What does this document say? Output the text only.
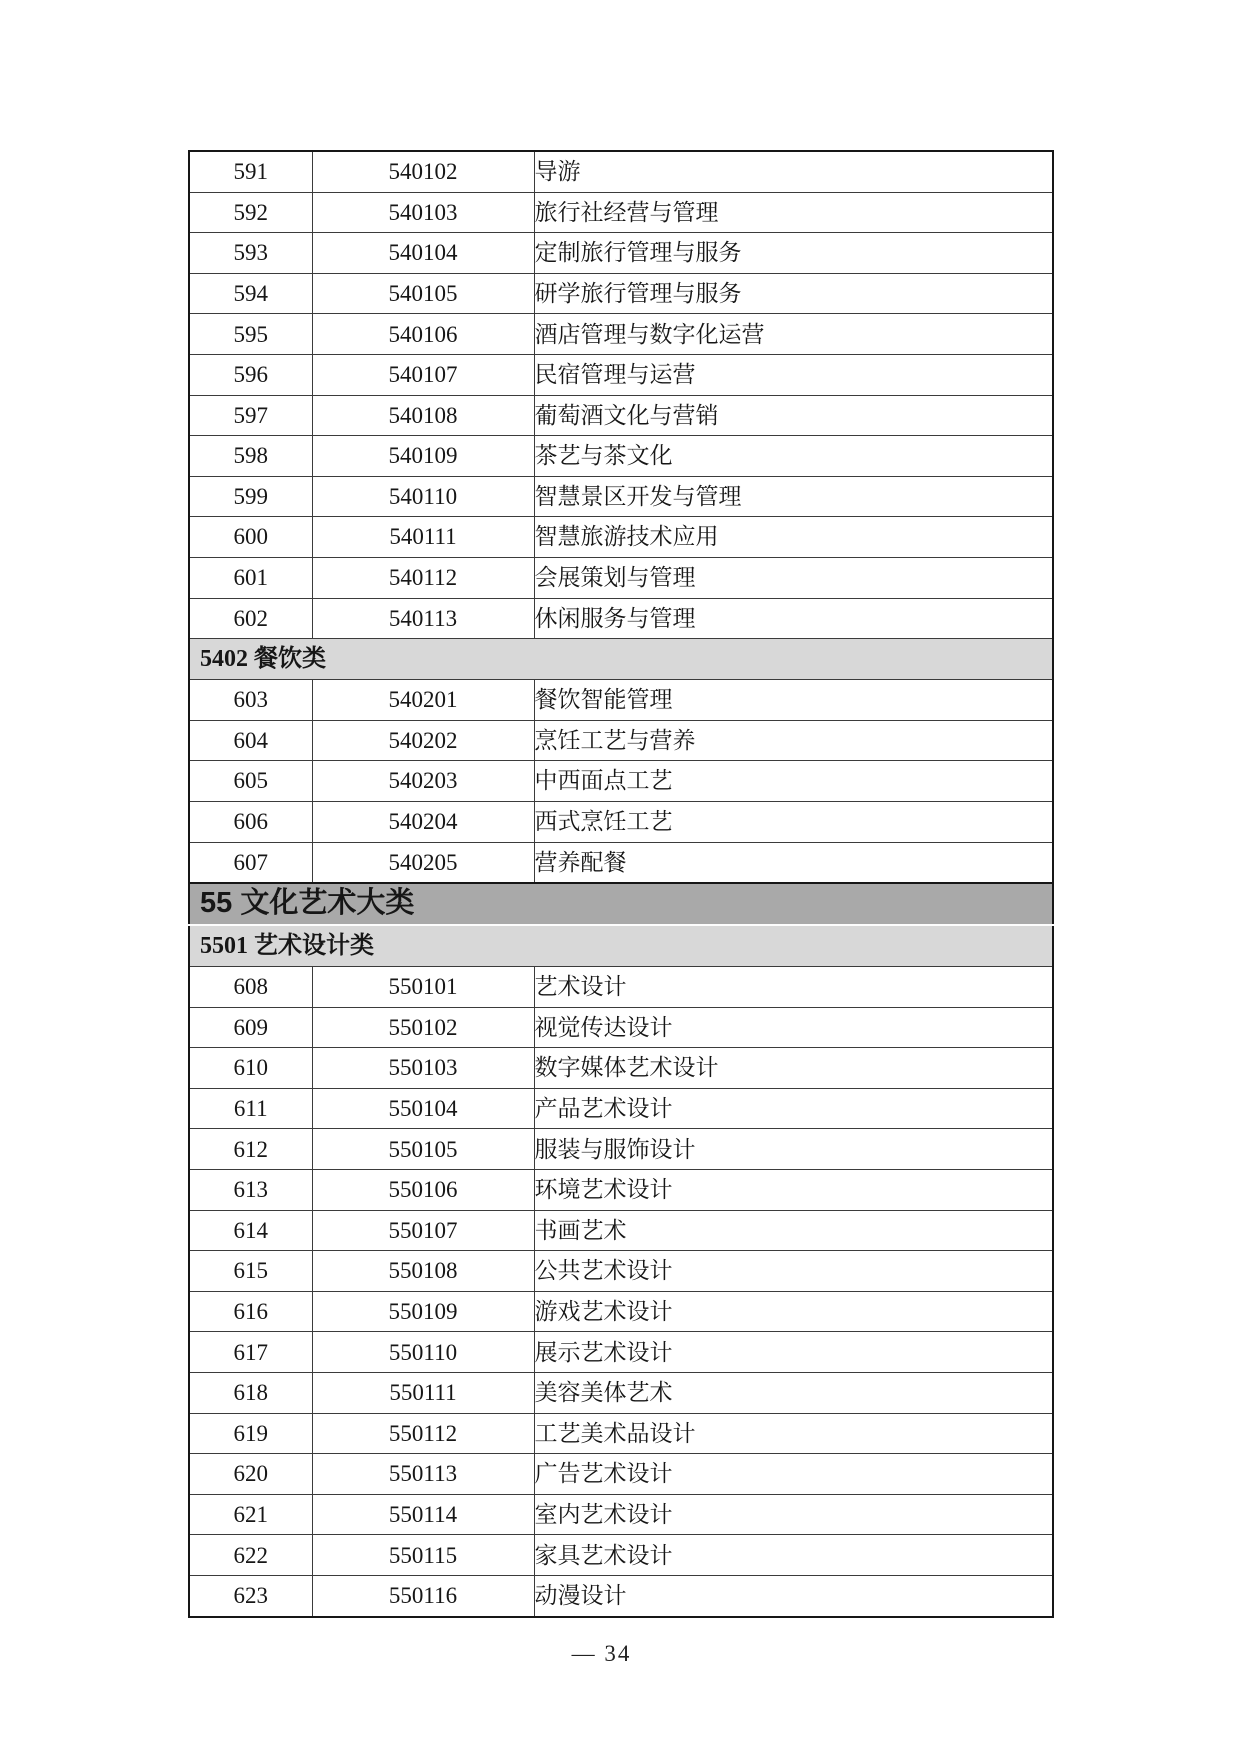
591	540102	导游
592	540103	旅行社经营与管理
593	540104	定制旅行管理与服务
594	540105	研学旅行管理与服务
595	540106	酒店管理与数字化运营
596	540107	民宿管理与运营
597	540108	葡萄酒文化与营销
598	540109	茶艺与茶文化
599	540110	智慧景区开发与管理
600	540111	智慧旅游技术应用
601	540112	会展策划与管理
602	540113	休闲服务与管理
5402 餐饮类		
603	540201	餐饮智能管理
604	540202	烹饪工艺与营养
605	540203	中西面点工艺
606	540204	西式烹饪工艺
607	540205	营养配餐
55 文化艺术大类		
5501 艺术设计类		
608	550101	艺术设计
609	550102	视觉传达设计
610	550103	数字媒体艺术设计
611	550104	产品艺术设计
612	550105	服装与服饰设计
613	550106	环境艺术设计
614	550107	书画艺术
615	550108	公共艺术设计
616	550109	游戏艺术设计
617	550110	展示艺术设计
618	550111	美容美体艺术
619	550112	工艺美术品设计
620	550113	广告艺术设计
621	550114	室内艺术设计
622	550115	家具艺术设计
623	550116	动漫设计
— 34
